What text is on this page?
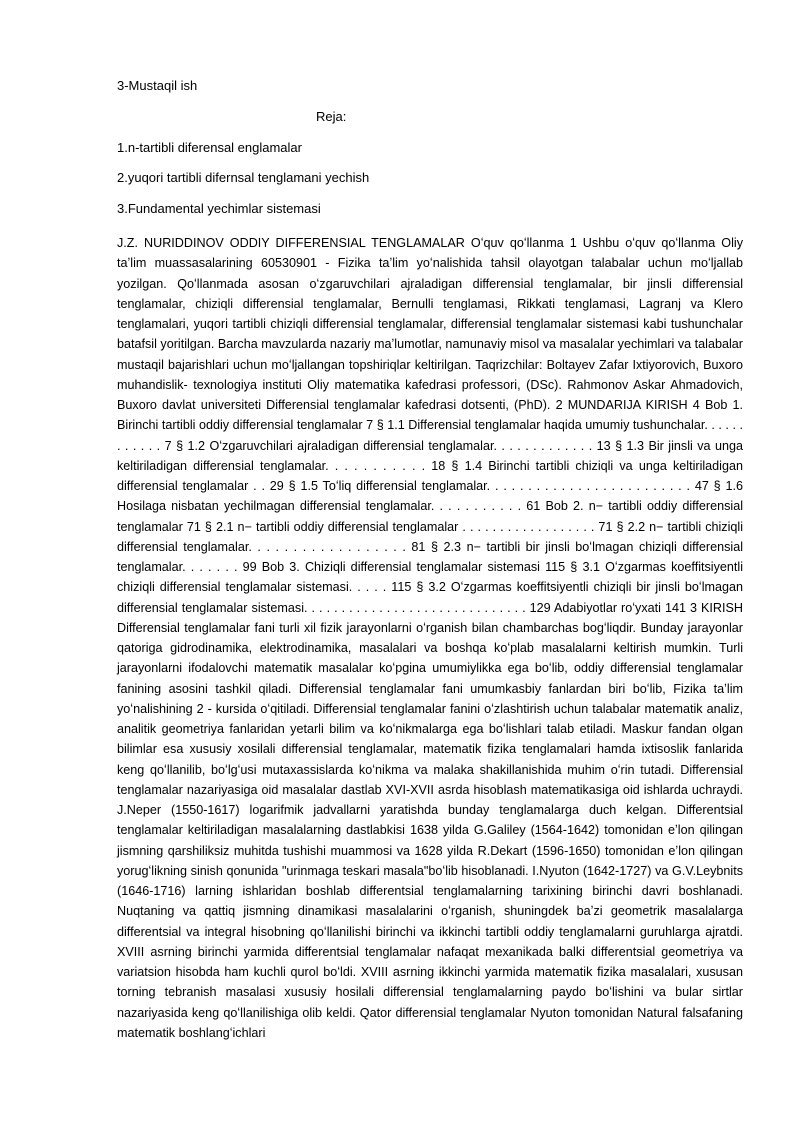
3-Mustaqil ish

Reja:

1.n-tartibli diferensal englamalar

2.yuqori tartibli difernsal tenglamani yechish

3.Fundamental yechimlar sistemasi

J.Z. NURIDDINOV ODDIY DIFFERENSIAL TENGLAMALAR Oʻquv qoʻllanma 1 Ushbu oʻquv qoʻllanma Oliy taʼlim muassasalarining 60530901 - Fizika taʼlim yoʻnalishida tahsil olayotgan talabalar uchun moʻljallab yozilgan. Qoʻllanmada asosan oʻzgaruvchilari ajraladigan differensial tenglamalar, bir jinsli differensial tenglamalar, chiziqli differensial tenglamalar, Bernulli tenglamasi, Rikkati tenglamasi, Lagranj va Klero tenglamalari, yuqori tartibli chiziqli differensial tenglamalar, differensial tenglamalar sistemasi kabi tushunchalar batafsil yoritilgan. Barcha mavzularda nazariy maʼlumotlar, namunaviy misol va masalalar yechimlari va talabalar mustaqil bajarishlari uchun moʻljallangan topshiriqlar keltirilgan. Taqrizchilar: Boltayev Zafar Ixtiyorovich, Buxoro muhandislik- texnologiya instituti Oliy matematika kafedrasi professori, (DSc). Rahmonov Askar Ahmadovich, Buxoro davlat universiteti Differensial tenglamalar kafedrasi dotsenti, (PhD). 2 MUNDARIJA KIRISH 4 Bob 1. Birinchi tartibli oddiy differensial tenglamalar 7 § 1.1 Differensial tenglamalar haqida umumiy tushunchalar. . . . . . . . . . . . 7 § 1.2 Oʻzgaruvchilari ajraladigan differensial tenglamalar. . . . . . . . . . . . . 13 § 1.3 Bir jinsli va unga keltiriladigan differensial tenglamalar. . . . . . . . . . . 18 § 1.4 Birinchi tartibli chiziqli va unga keltiriladigan differensial tenglamalar . . 29 § 1.5 Toʻliq differensial tenglamalar. . . . . . . . . . . . . . . . . . . . . . . . . 47 § 1.6 Hosilaga nisbatan yechilmagan differensial tenglamalar. . . . . . . . . . . 61 Bob 2. n− tartibli oddiy differensial tenglamalar 71 § 2.1 n− tartibli oddiy differensial tenglamalar . . . . . . . . . . . . . . . . . . 71 § 2.2 n− tartibli chiziqli differensial tenglamalar. . . . . . . . . . . . . . . . . . 81 § 2.3 n− tartibli bir jinsli boʻlmagan chiziqli differensial tenglamalar. . . . . . . 99 Bob 3. Chiziqli differensial tenglamalar sistemasi 115 § 3.1 Oʻzgarmas koeffitsiyentli chiziqli differensial tenglamalar sistemasi. . . . . 115 § 3.2 Oʻzgarmas koeffitsiyentli chiziqli bir jinsli boʻlmagan differensial tenglamalar sistemasi. . . . . . . . . . . . . . . . . . . . . . . . . . . . . . 129 Adabiyotlar roʻyxati 141 3 KIRISH Differensial tenglamalar fani turli xil fizik jarayonlarni oʻrganish bilan chambarchas bogʻliqdir. Bunday jarayonlar qatoriga gidrodinamika, elektrodinamika, masalalari va boshqa koʻplab masalalarni keltirish mumkin. Turli jarayonlarni ifodalovchi matematik masalalar koʻpgina umumiylikka ega boʻlib, oddiy differensial tenglamalar fanining asosini tashkil qiladi. Differensial tenglamalar fani umumkasbiy fanlardan biri boʻlib, Fizika taʼlim yoʻnalishining 2 - kursida oʻqitiladi. Differensial tenglamalar fanini oʻzlashtirish uchun talabalar matematik analiz, analitik geometriya fanlaridan yetarli bilim va koʻnikmalarga ega boʻlishlari talab etiladi. Maskur fandan olgan bilimlar esa xususiy xosilali differensial tenglamalar, matematik fizika tenglamalari hamda ixtisoslik fanlarida keng qoʻllanilib, boʻlgʻusi mutaxassislarda koʻnikma va malaka shakillanishida muhim oʻrin tutadi. Differensial tenglamalar nazariyasiga oid masalalar dastlab XVI-XVII asrda hisoblash matematikasiga oid ishlarda uchraydi. J.Neper (1550-1617) logarifmik jadvallarni yaratishda bunday tenglamalarga duch kelgan. Differentsial tenglamalar keltiriladigan masalalarning dastlabkisi 1638 yilda G.Galiley (1564-1642) tomonidan eʼlon qilingan jismning qarshiliksiz muhitda tushishi muammosi va 1628 yilda R.Dekart (1596-1650) tomonidan eʼlon qilingan yorugʻlikning sinish qonunida "urinmaga teskari masala"boʻlib hisoblanadi. I.Nyuton (1642-1727) va G.V.Leybnits (1646-1716) larning ishlaridan boshlab differentsial tenglamalarning tarixining birinchi davri boshlanadi. Nuqtaning va qattiq jismning dinamikasi masalalarini oʻrganish, shuningdek baʼzi geometrik masalalarga differentsial va integral hisobning qoʻllanilishi birinchi va ikkinchi tartibli oddiy tenglamalarni guruhlarga ajratdi. XVIII asrning birinchi yarmida differentsial tenglamalar nafaqat mexanikada balki differentsial geometriya va variatsion hisobda ham kuchli qurol boʻldi. XVIII asrning ikkinchi yarmida matematik fizika masalalari, xususan torning tebranish masalasi xususiy hosilali differensial tenglamalarning paydo boʻlishini va bular sirtlar nazariyasida keng qoʻllanilishiga olib keldi. Qator differensial tenglamalar Nyuton tomonidan Natural falsafaning matematik boshlangʻichlari
